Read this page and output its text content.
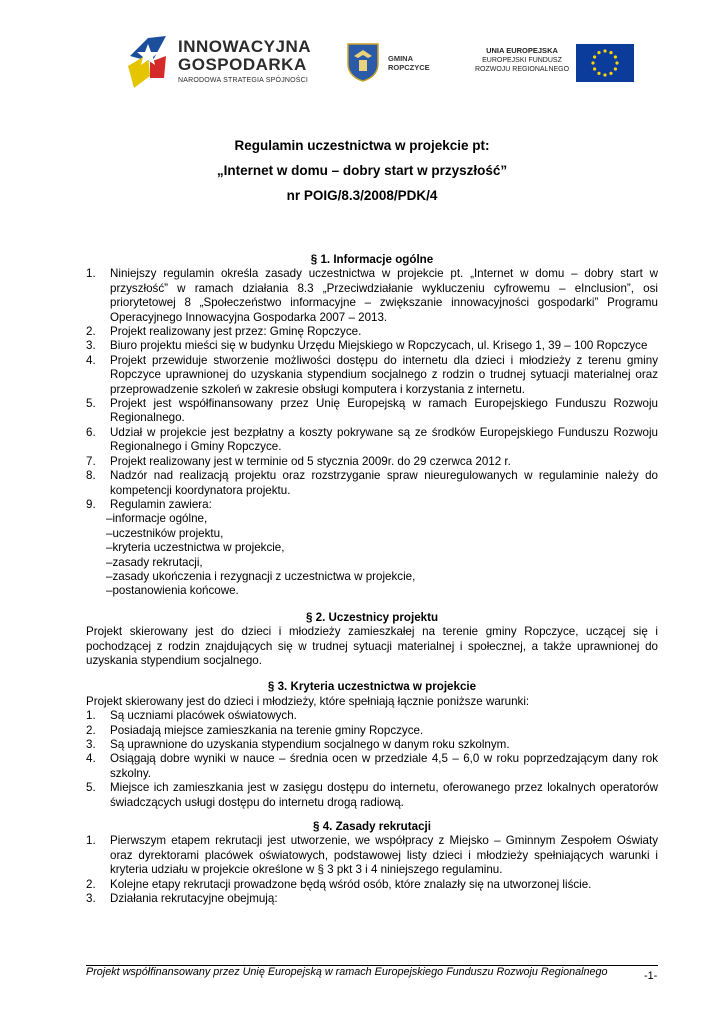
INNOWACYJNA
GOSPODARKA
NARODOWA STRATEGIA SPÓJNOŚCI
GMINA
ROPCZYCE
UNIA EUROPEJSKA
EUROPEJSKI FUNDUSZ
ROZWOJU REGIONALNEGO
Regulamin uczestnictwa w projekcie pt:
„Internet w domu – dobry start w przyszłość”
nr POIG/8.3/2008/PDK/4

§ 1. Informacje ogólne

1. Niniejszy regulamin określa zasady uczestnictwa w projekcie pt. „Internet w domu – dobry start w przyszłość” w ramach działania 8.3 „Przeciwdziałanie wykluczeniu cyfrowemu – eInclusion”, osi priorytetowej 8 „Społeczeństwo informacyjne – zwiększanie innowacyjności gospodarki” Programu Operacyjnego Innowacyjna Gospodarka 2007 – 2013.
2. Projekt realizowany jest przez: Gminę Ropczyce.
3. Biuro projektu mieści się w budynku Urzędu Miejskiego w Ropczycach, ul. Krisego 1, 39 – 100 Ropczyce
4. Projekt przewiduje stworzenie możliwości dostępu do internetu dla dzieci i młodzieży z terenu gminy Ropczyce uprawnionej do uzyskania stypendium socjalnego z rodzin o trudnej sytuacji materialnej oraz przeprowadzenie szkoleń w zakresie obsługi komputera i korzystania z internetu.
5. Projekt jest współfinansowany przez Unię Europejską w ramach Europejskiego Funduszu Rozwoju Regionalnego.
6. Udział w projekcie jest bezpłatny a koszty pokrywane są ze środków Europejskiego Funduszu Rozwoju Regionalnego i Gminy Ropczyce.
7. Projekt realizowany jest w terminie od 5 stycznia 2009r. do 29 czerwca 2012 r.
8. Nadzór nad realizacją projektu oraz rozstrzyganie spraw nieuregulowanych w regulaminie należy do kompetencji koordynatora projektu.
9. Regulamin zawiera:

–informacje ogólne,

–uczestników projektu,

–kryteria uczestnictwa w projekcie,

–zasady rekrutacji,

–zasady ukończenia i rezygnacji z uczestnictwa w projekcie,

–postanowienia końcowe.

§ 2. Uczestnicy projektu

Projekt skierowany jest do dzieci i młodzieży zamieszkałej na terenie gminy Ropczyce, uczącej się i pochodzącej z rodzin znajdujących się w trudnej sytuacji materialnej i społecznej, a także uprawnionej do uzyskania stypendium socjalnego.

§ 3. Kryteria uczestnictwa w projekcie

Projekt skierowany jest do dzieci i młodzieży, które spełniają łącznie poniższe warunki:

1. Są uczniami placówek oświatowych.
2. Posiadają miejsce zamieszkania na terenie gminy Ropczyce.
3. Są uprawnione do uzyskania stypendium socjalnego w danym roku szkolnym.
4. Osiągają dobre wyniki w nauce – średnia ocen w przedziale 4,5 – 6,0 w roku poprzedzającym dany rok szkolny.
5. Miejsce ich zamieszkania jest w zasięgu dostępu do internetu, oferowanego przez lokalnych operatorów świadczących usługi dostępu do internetu drogą radiową.

§ 4. Zasady rekrutacji

1. Pierwszym etapem rekrutacji jest utworzenie, we współpracy z Miejsko – Gminnym Zespołem Oświaty oraz dyrektorami placówek oświatowych, podstawowej listy dzieci i młodzieży spełniających warunki i kryteria udziału w projekcie określone w § 3 pkt 3 i 4 niniejszego regulaminu.
2. Kolejne etapy rekrutacji prowadzone będą wśród osób, które znalazły się na utworzonej liście.
3. Działania rekrutacyjne obejmują:
Projekt współfinansowany przez Unię Europejską w ramach Europejskiego Funduszu Rozwoju Regionalnego	-1-
